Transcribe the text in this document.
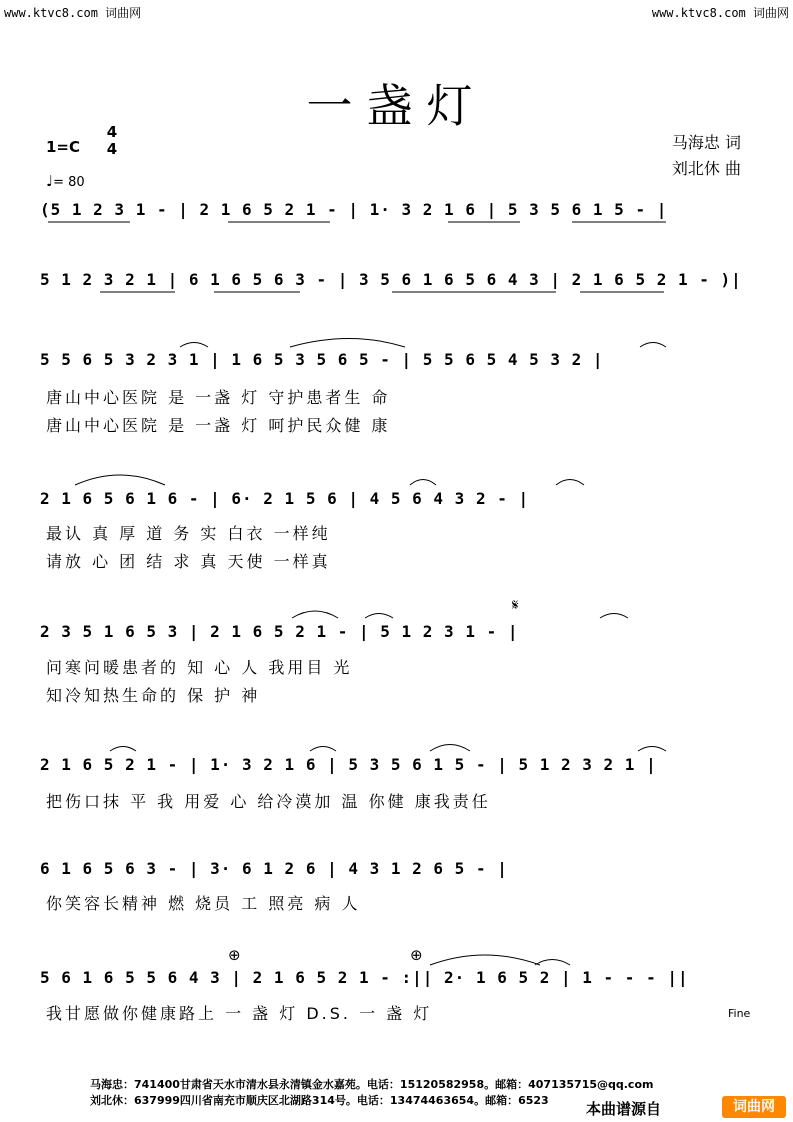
www.ktvc8.com 词曲网	www.ktvc8.com 词曲网
一盏灯
1=C
4
4
♩= 80
马海忠 词
刘北休 曲
(5 1 2 3 1 - | 2 1 6 5 2 1 - | 1· 3 2 1 6 | 5 3 5 6 1 5 - |
5 1 2 3 2 1 | 6 1 6 5 6 3 - | 3 5 6 1 6 5 6 4 3 | 2 1 6 5 2 1 - )|
5 5 6 5 3 2 3 1 | 1 6 5 3 5 6 5 - | 5 5 6 5 4 5 3 2 |
唐山中心医院 是 一盏 灯 守护患者生 命
唐山中心医院 是 一盏 灯 呵护民众健 康
2 1 6 5 6 1 6 - | 6· 2 1 5 6 | 4 5 6 4 3 2 - |
最认 真 厚 道 务 实 白衣 一样纯
请放 心 团 结 求 真 天使 一样真
𝄋
2 3 5 1 6 5 3 | 2 1 6 5 2 1 - | 5 1 2 3 1 - |
问寒问暖患者的 知 心 人 我用目 光
知冷知热生命的 保 护 神
2 1 6 5 2 1 - | 1· 3 2 1 6 | 5 3 5 6 1 5 - | 5 1 2 3 2 1 |
把伤口抹 平 我 用爱 心 给冷漠加 温 你健 康我责任
6 1 6 5 6 3 - | 3· 6 1 2 6 | 4 3 1 2 6 5 - |
你笑容长精神 燃 烧员 工 照亮 病 人
⊕	⊕
5 6 1 6 5 5 6 4 3 | 2 1 6 5 2 1 - :|| 2· 1 6 5 2 | 1 - - - ||
我甘愿做你健康路上 一 盏 灯 D.S. 一 盏 灯	Fine
马海忠：741400甘肃省天水市清水县永清镇金水嘉苑。电话：15120582958。邮箱：407135715@qq.com
刘北休：637999四川省南充市顺庆区北湖路314号。电话：13474463654。邮箱：6523 本曲谱源自	词曲网
